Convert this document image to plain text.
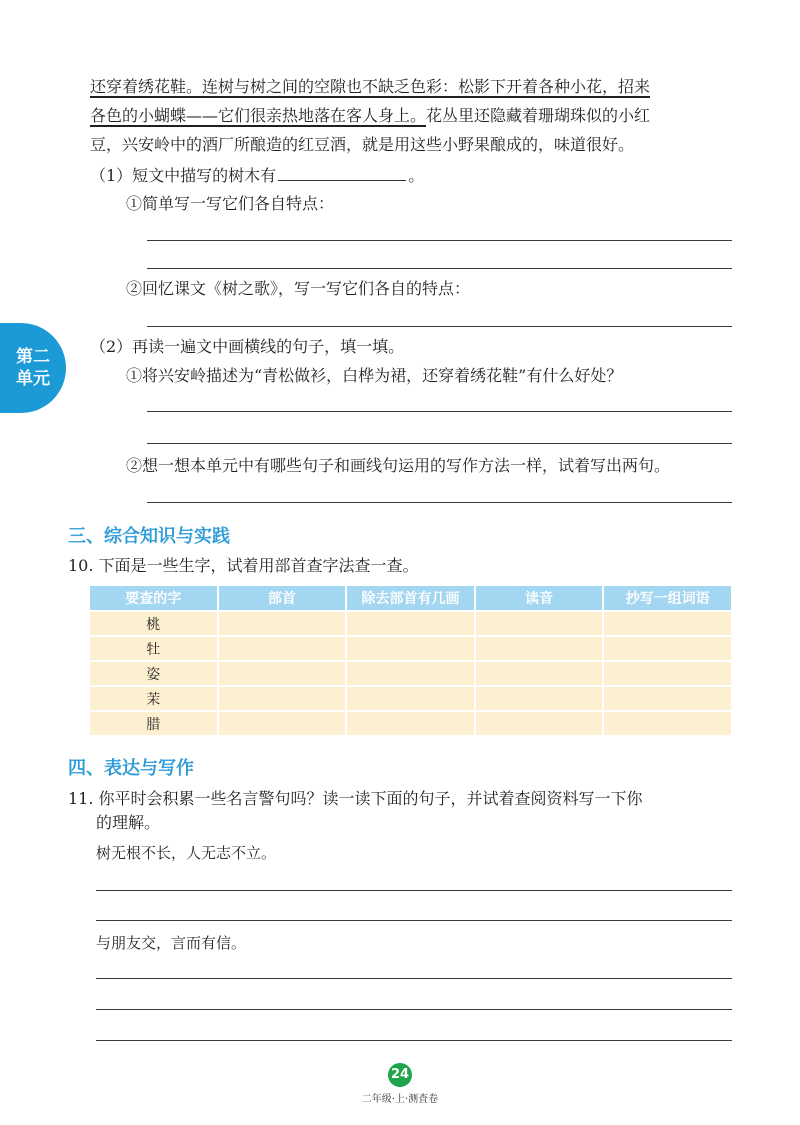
还穿着绣花鞋。连树与树之间的空隙也不缺乏色彩：松影下开着各种小花，招来
各色的小蝴蝶——它们很亲热地落在客人身上。花丛里还隐藏着珊瑚珠似的小红
豆，兴安岭中的酒厂所酿造的红豆酒，就是用这些小野果酿成的，味道很好。
（1）短文中描写的树木有	。
①简单写一写它们各自特点：
②回忆课文《树之歌》，写一写它们各自的特点：
第二
单元
（2）再读一遍文中画横线的句子，填一填。
①将兴安岭描述为“青松做衫，白桦为裙，还穿着绣花鞋”有什么好处？
②想一想本单元中有哪些句子和画线句运用的写作方法一样，试着写出两句。
三、综合知识与实践
10. 下面是一些生字，试着用部首查字法查一查。
要查的字	部首	除去部首有几画	读音	抄写一组词语
桃				
牡				
姿				
茉				
腊				
四、表达与写作
11. 你平时会积累一些名言警句吗？读一读下面的句子，并试着查阅资料写一下你
的理解。
树无根不长，人无志不立。
与朋友交，言而有信。
24
二年级·上·测査卷
